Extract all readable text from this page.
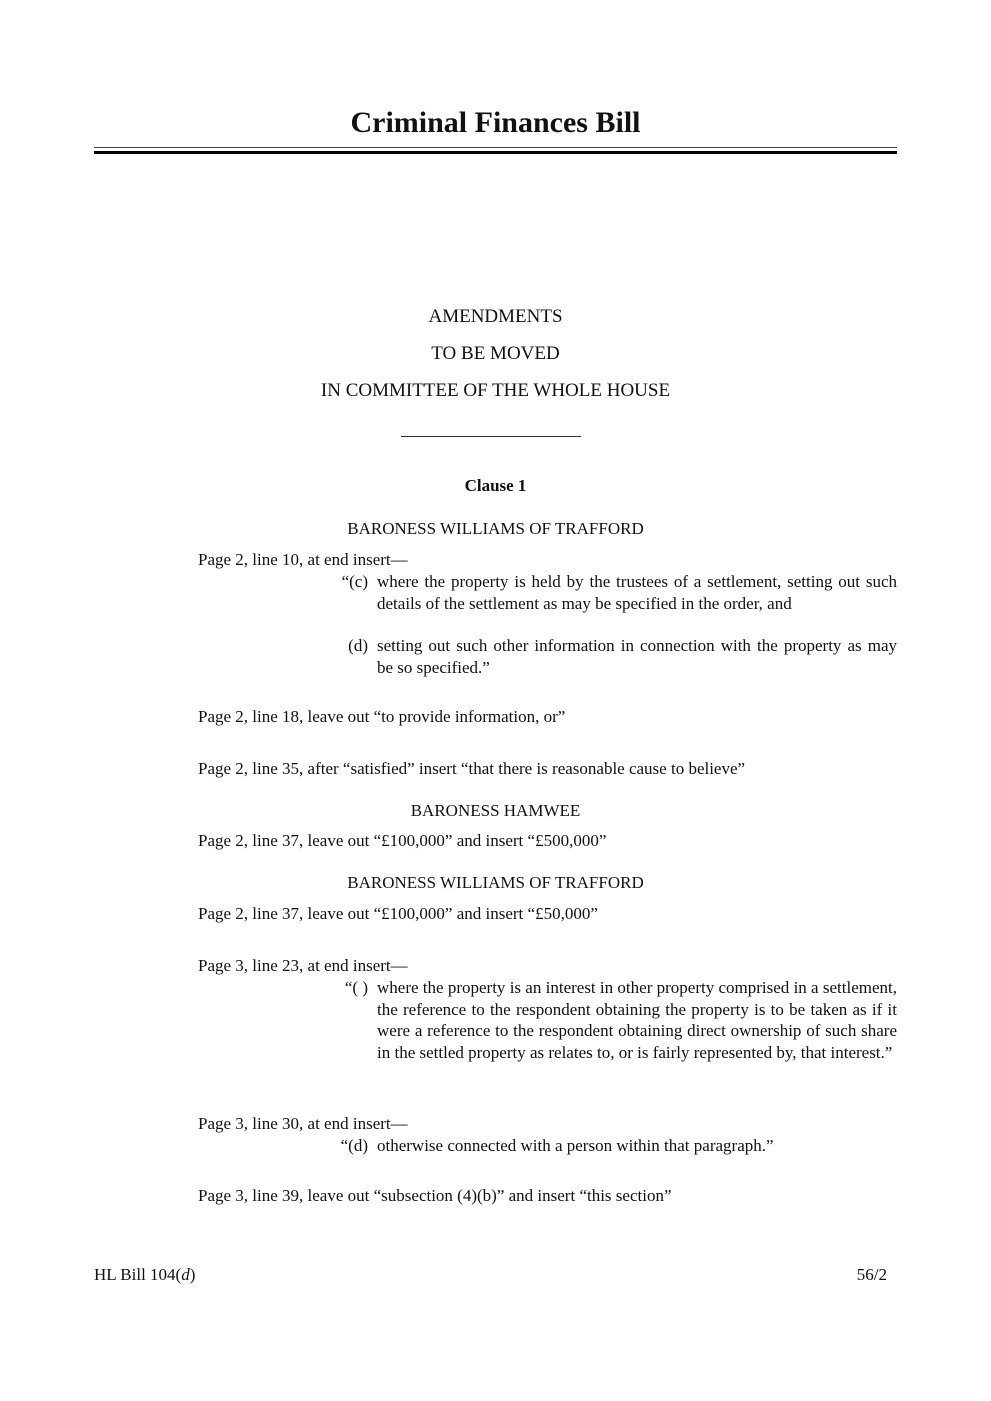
Criminal Finances Bill
AMENDMENTS
TO BE MOVED
IN COMMITTEE OF THE WHOLE HOUSE
Clause 1
BARONESS WILLIAMS OF TRAFFORD
Page 2, line 10, at end insert—
“(c) where the property is held by the trustees of a settlement, setting out such details of the settlement as may be specified in the order, and
(d) setting out such other information in connection with the property as may be so specified.”
Page 2, line 18, leave out “to provide information, or”
Page 2, line 35, after “satisfied” insert “that there is reasonable cause to believe”
BARONESS HAMWEE
Page 2, line 37, leave out “£100,000” and insert “£500,000”
BARONESS WILLIAMS OF TRAFFORD
Page 2, line 37, leave out “£100,000” and insert “£50,000”
Page 3, line 23, at end insert—
“( ) where the property is an interest in other property comprised in a settlement, the reference to the respondent obtaining the property is to be taken as if it were a reference to the respondent obtaining direct ownership of such share in the settled property as relates to, or is fairly represented by, that interest.”
Page 3, line 30, at end insert—
“(d) otherwise connected with a person within that paragraph.”
Page 3, line 39, leave out “subsection (4)(b)” and insert “this section”
HL Bill 104(d)	56/2
